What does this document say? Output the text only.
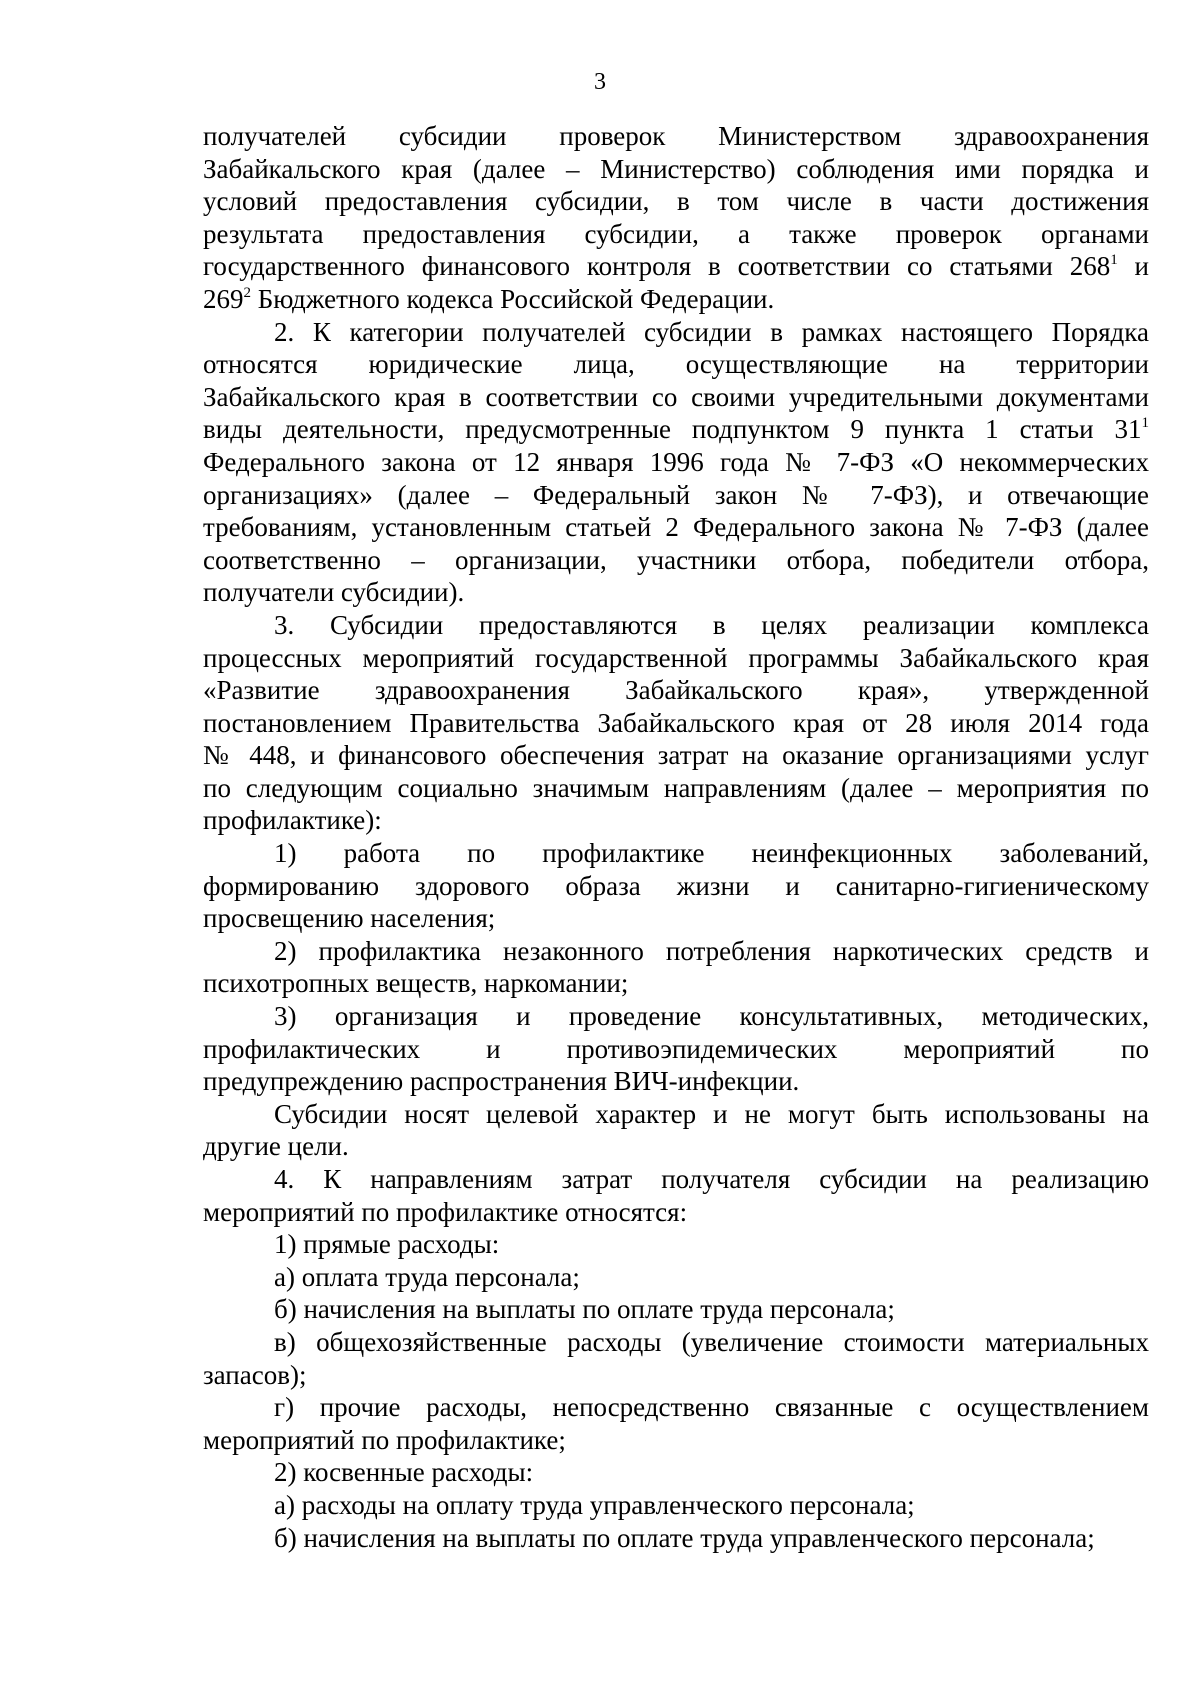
3

получателей субсидии проверок Министерством здравоохранения
Забайкальского края (далее – Министерство) соблюдения ими порядка и
условий предоставления субсидии, в том числе в части достижения
результата предоставления субсидии, а также проверок органами
государственного финансового контроля в соответствии со статьями $268^1$ и
$269^2$ Бюджетного кодекса Российской Федерации.

2. К категории получателей субсидии в рамках настоящего Порядка
относятся юридические лица, осуществляющие на территории
Забайкальского края в соответствии со своими учредительными документами
виды деятельности, предусмотренные подпунктом 9 пункта 1 статьи $31^1$
Федерального закона от 12 января 1996 года № 7-ФЗ «О некоммерческих
организациях» (далее – Федеральный закон № 7-ФЗ), и отвечающие
требованиям, установленным статьей 2 Федерального закона № 7-ФЗ (далее
соответственно – организации, участники отбора, победители отбора,
получатели субсидии).

3. Субсидии предоставляются в целях реализации комплекса
процессных мероприятий государственной программы Забайкальского края
«Развитие здравоохранения Забайкальского края», утвержденной
постановлением Правительства Забайкальского края от 28 июля 2014 года
№ 448, и финансового обеспечения затрат на оказание организациями услуг
по следующим социально значимым направлениям (далее – мероприятия по
профилактике):

1) работа по профилактике неинфекционных заболеваний,
формированию здорового образа жизни и санитарно-гигиеническому
просвещению населения;

2) профилактика незаконного потребления наркотических средств и
психотропных веществ, наркомании;

3) организация и проведение консультативных, методических,
профилактических и противоэпидемических мероприятий по
предупреждению распространения ВИЧ-инфекции.

Субсидии носят целевой характер и не могут быть использованы на
другие цели.

4. К направлениям затрат получателя субсидии на реализацию
мероприятий по профилактике относятся:

1) прямые расходы:

а) оплата труда персонала;

б) начисления на выплаты по оплате труда персонала;

в) общехозяйственные расходы (увеличение стоимости материальных
запасов);

г) прочие расходы, непосредственно связанные с осуществлением
мероприятий по профилактике;

2) косвенные расходы:

а) расходы на оплату труда управленческого персонала;

б) начисления на выплаты по оплате труда управленческого персонала;
